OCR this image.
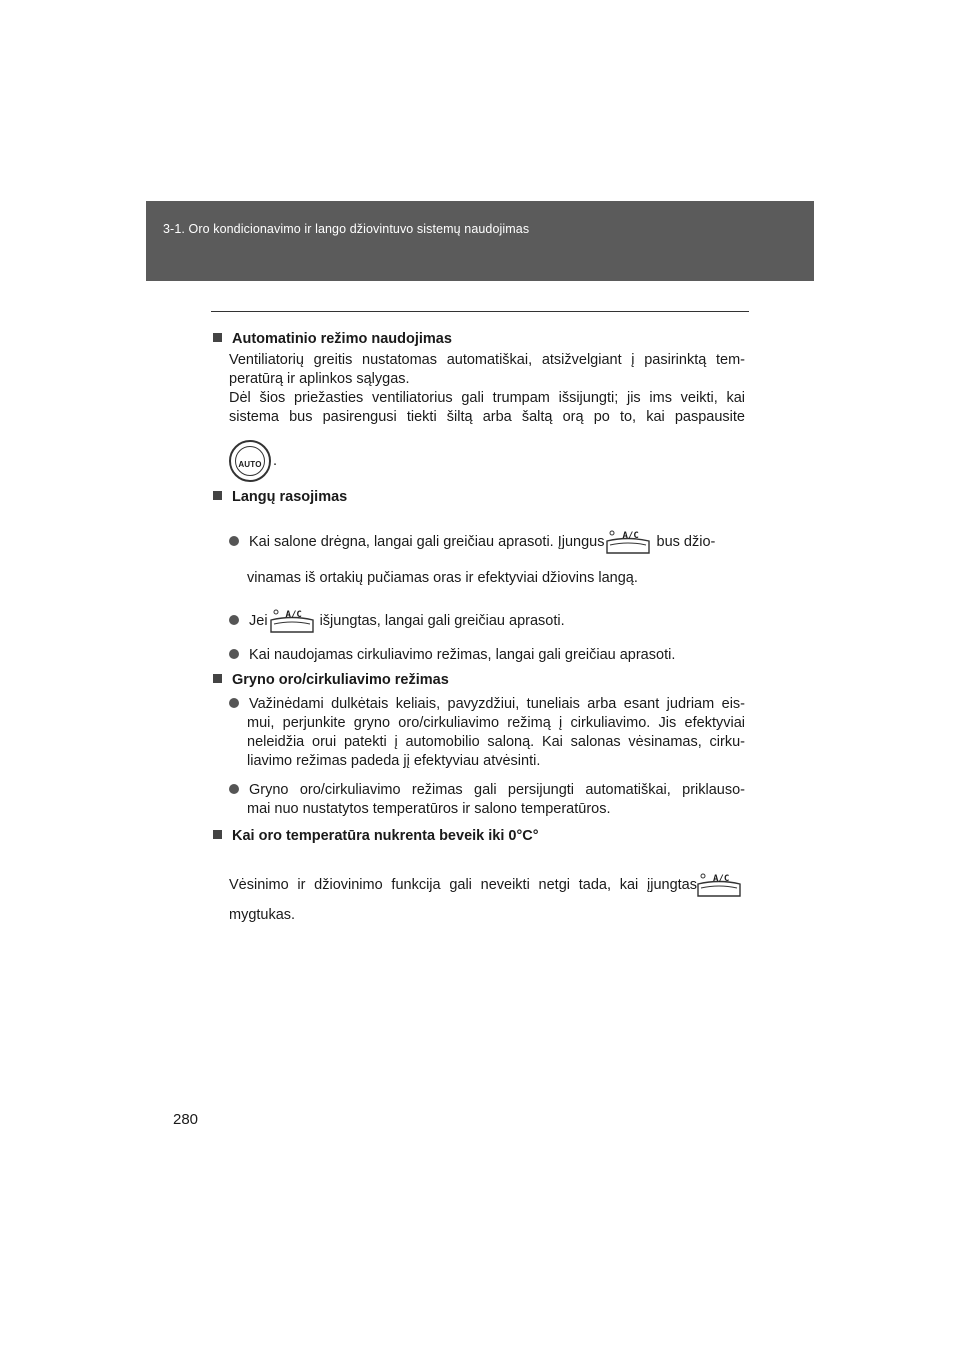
3-1. Oro kondicionavimo ir lango džiovintuvo sistemų naudojimas
Automatinio režimo naudojimas
Ventiliatorių greitis nustatomas automatiškai, atsižvelgiant į pasirinktą tem-
peratūrą ir aplinkos sąlygas.
Dėl šios priežasties ventiliatorius gali trumpam išsijungti; jis ims veikti, kai
sistema bus pasirengusi tiekti šiltą arba šaltą orą po to, kai paspausite
AUTO .
Langų rasojimas
Kai salone drėgna, langai gali greičiau aprasoti. Įjungus A/C bus džio-
vinamas iš ortakių pučiamas oras ir efektyviai džiovins langą.
Jei A/C išjungtas, langai gali greičiau aprasoti.
Kai naudojamas cirkuliavimo režimas, langai gali greičiau aprasoti.
Gryno oro/cirkuliavimo režimas
Važinėdami dulkėtais keliais, pavyzdžiui, tuneliais arba esant judriam eis-
mui, perjunkite gryno oro/cirkuliavimo režimą į cirkuliavimo. Jis efektyviai
neleidžia orui patekti į automobilio saloną. Kai salonas vėsinamas, cirku-
liavimo režimas padeda jį efektyviau atvėsinti.
Gryno oro/cirkuliavimo režimas gali persijungti automatiškai, priklauso-
mai nuo nustatytos temperatūros ir salono temperatūros.
Kai oro temperatūra nukrenta beveik iki 0°C°
Vėsinimo ir džiovinimo funkcija gali neveikti netgi tada, kai įjungtas A/C
mygtukas.
280
